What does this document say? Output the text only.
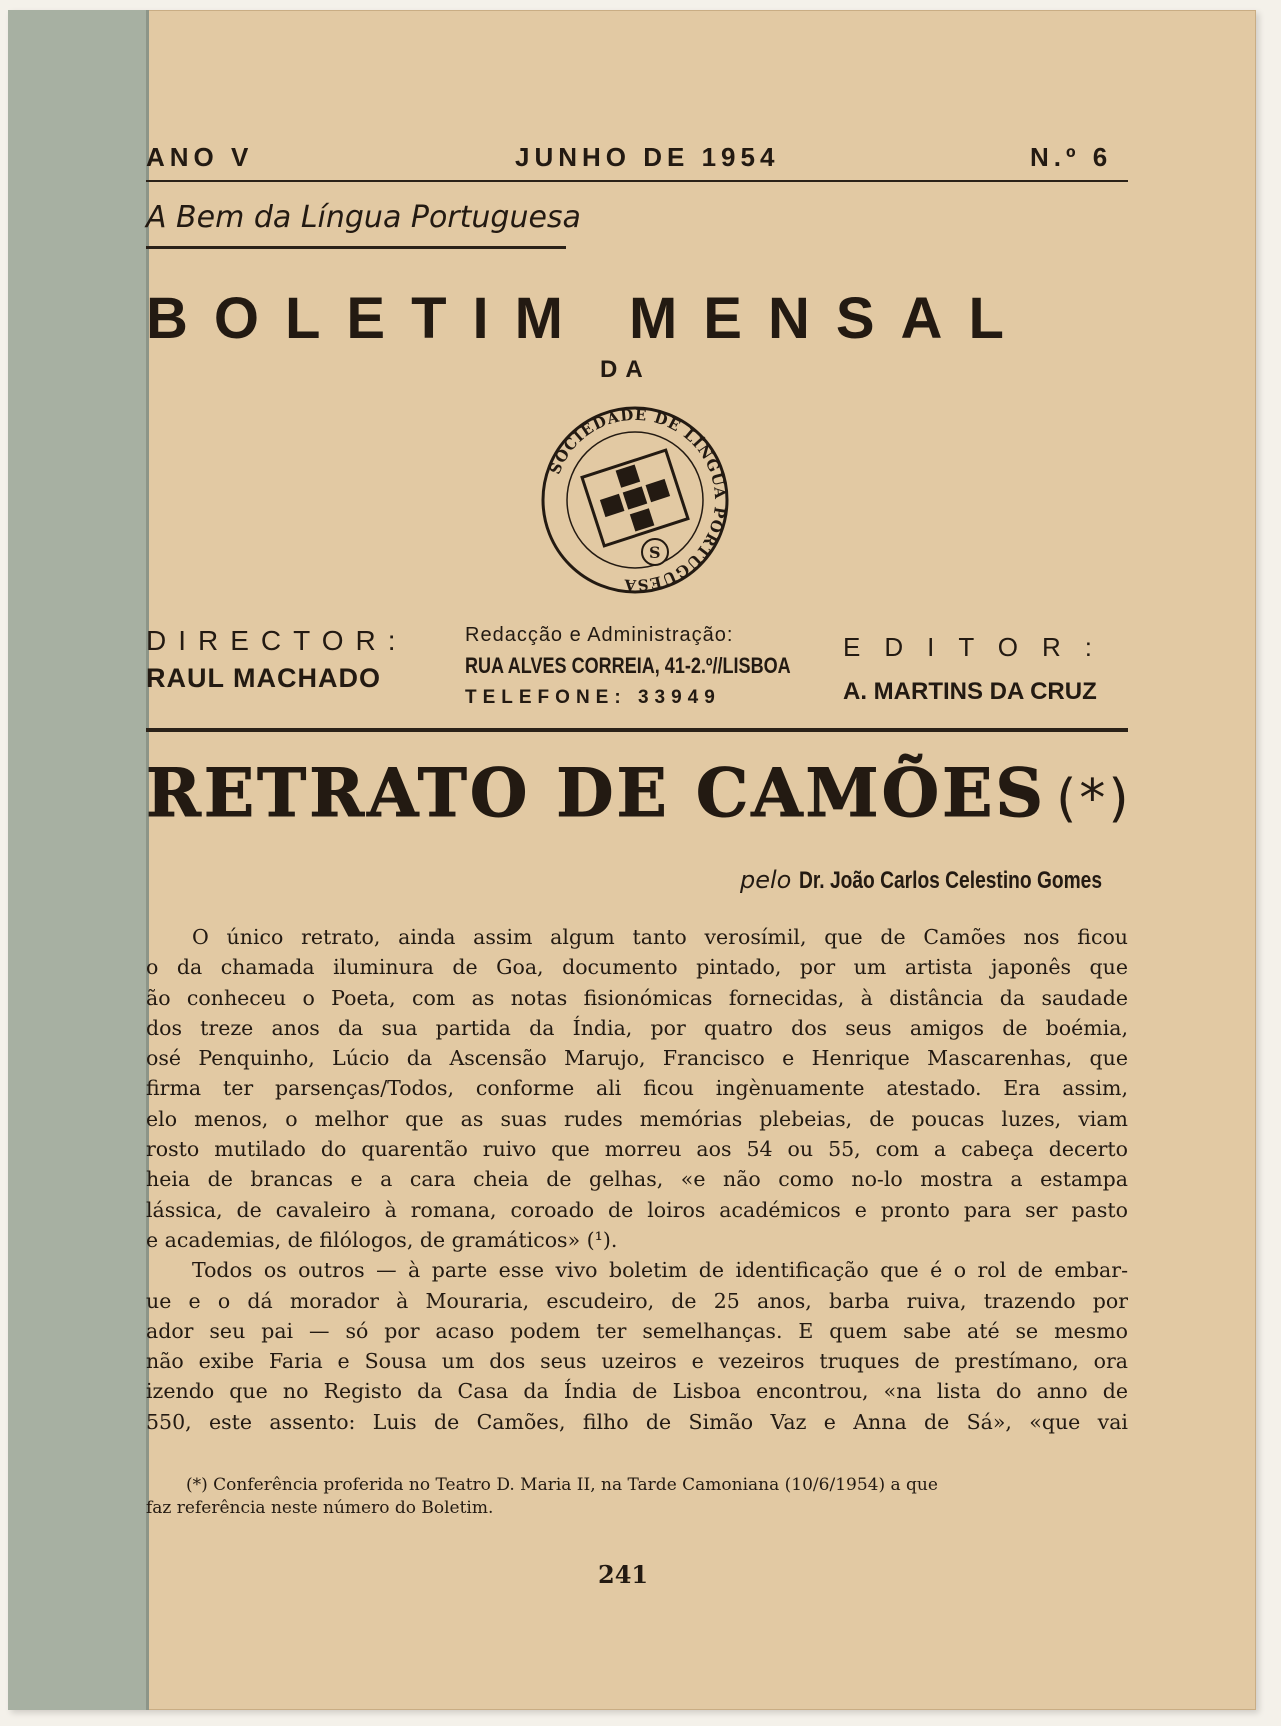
ANO V	JUNHO DE 1954	N.º 6
A Bem da Língua Portuguesa
BOLETIM MENSAL
DA
SOCIEDADE DE LÍNGUA PORTUGUESA
S
DIRECTOR:
RAUL MACHADO
Redacção e Administração:
RUA ALVES CORREIA, 41-2.º//LISBOA
TELEFONE: 33949
EDITOR:
A. MARTINS DA CRUZ
RETRATO DE CAMÕES (*)
pelo Dr. João Carlos Celestino Gomes
O único retrato, ainda assim algum tanto verosímil, que de Camões nos ficou
o da chamada iluminura de Goa, documento pintado, por um artista japonês que
ão conheceu o Poeta, com as notas fisionómicas fornecidas, à distância da saudade
dos treze anos da sua partida da Índia, por quatro dos seus amigos de boémia,
osé Penquinho, Lúcio da Ascensão Marujo, Francisco e Henrique Mascarenhas, que
firma ter parsenças/Todos, conforme ali ficou ingènuamente atestado. Era assim,
elo menos, o melhor que as suas rudes memórias plebeias, de poucas luzes, viam
rosto mutilado do quarentão ruivo que morreu aos 54 ou 55, com a cabeça decerto
heia de brancas e a cara cheia de gelhas, «e não como no-lo mostra a estampa
lássica, de cavaleiro à romana, coroado de loiros académicos e pronto para ser pasto
e academias, de filólogos, de gramáticos» (¹).
Todos os outros — à parte esse vivo boletim de identificação que é o rol de embar-
ue e o dá morador à Mouraria, escudeiro, de 25 anos, barba ruiva, trazendo por
ador seu pai — só por acaso podem ter semelhanças. E quem sabe até se mesmo
não exibe Faria e Sousa um dos seus uzeiros e vezeiros truques de prestímano, ora
izendo que no Registo da Casa da Índia de Lisboa encontrou, «na lista do anno de
550, este assento: Luis de Camões, filho de Simão Vaz e Anna de Sá», «que vai
(*) Conferência proferida no Teatro D. Maria II, na Tarde Camoniana (10/6/1954) a que
faz referência neste número do Boletim.
241
